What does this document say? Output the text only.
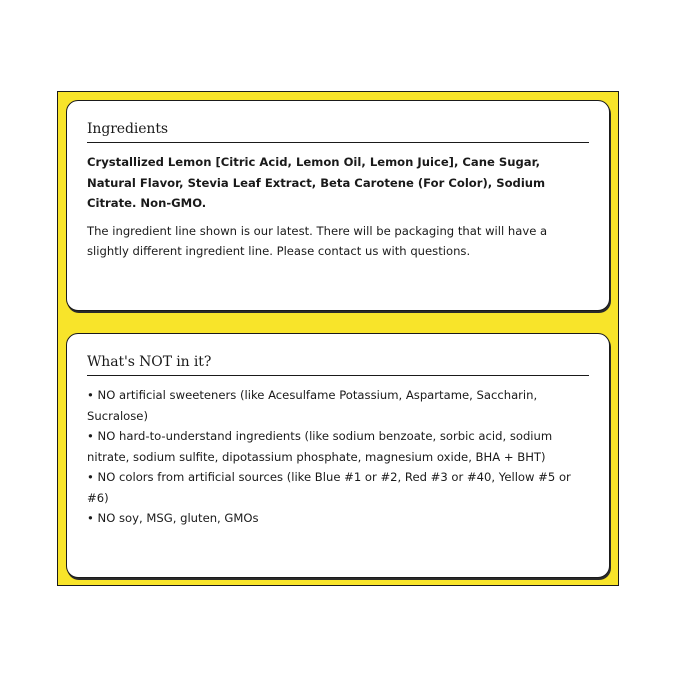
Ingredients

Crystallized Lemon [Citric Acid, Lemon Oil, Lemon Juice], Cane Sugar, Natural Flavor, Stevia Leaf Extract, Beta Carotene (For Color), Sodium Citrate. Non-GMO.

The ingredient line shown is our latest. There will be packaging that will have a slightly different ingredient line. Please contact us with questions.

What's NOT in it?

• NO artificial sweeteners (like Acesulfame Potassium, Aspartame, Saccharin, Sucralose)

• NO hard-to-understand ingredients (like sodium benzoate, sorbic acid, sodium nitrate, sodium sulfite, dipotassium phosphate, magnesium oxide, BHA + BHT)

• NO colors from artificial sources (like Blue #1 or #2, Red #3 or #40, Yellow #5 or #6)

• NO soy, MSG, gluten, GMOs
